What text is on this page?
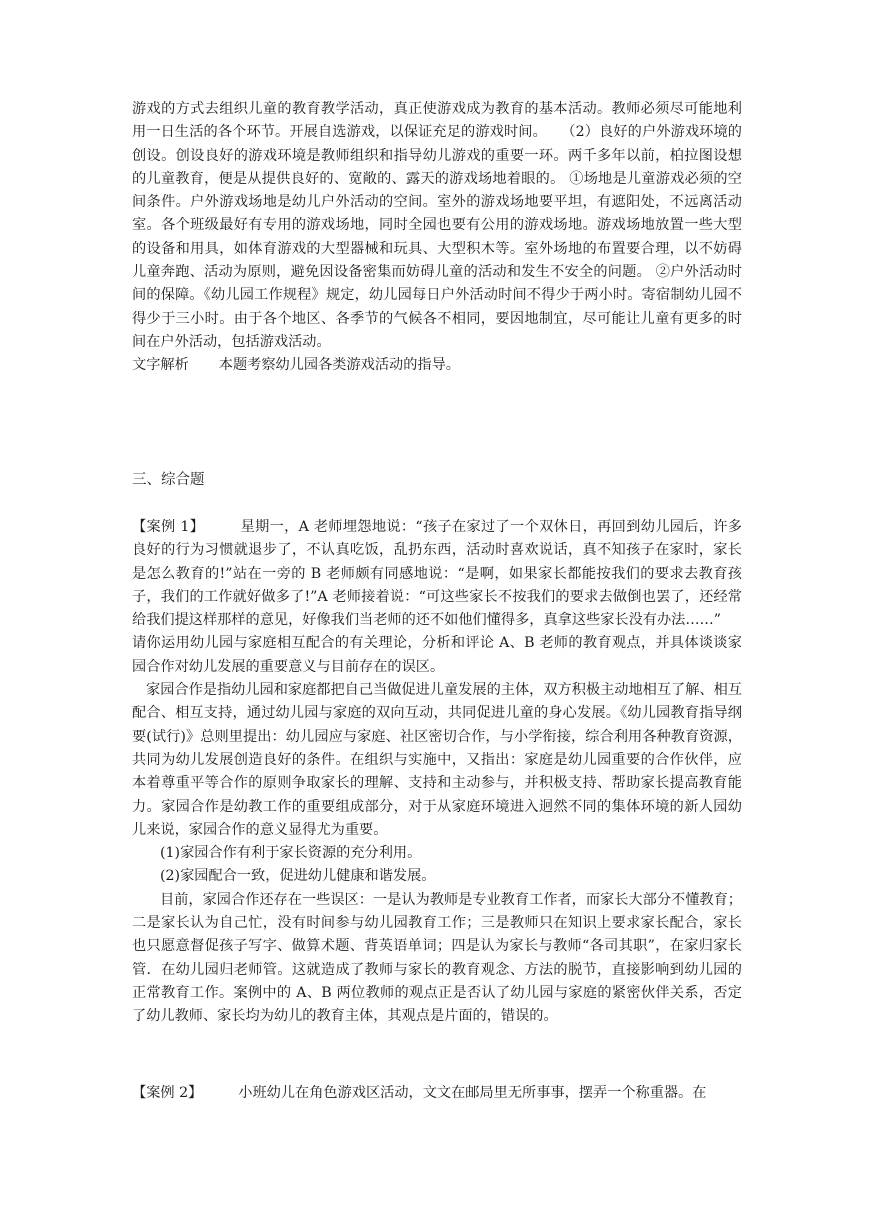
游戏的方式去组织儿童的教育教学活动，真正使游戏成为教育的基本活动。教师必须尽可能地利用一日生活的各个环节。开展自选游戏，以保证充足的游戏时间。　　（2）良好的户外游戏环境的创设。创设良好的游戏环境是教师组织和指导幼儿游戏的重要一环。两千多年以前，柏拉图设想的儿童教育，便是从提供良好的、宽敞的、露天的游戏场地着眼的。 ①场地是儿童游戏必须的空间条件。户外游戏场地是幼儿户外活动的空间。室外的游戏场地要平坦，有遮阳处，不远离活动室。各个班级最好有专用的游戏场地，同时全园也要有公用的游戏场地。游戏场地放置一些大型的设备和用具，如体育游戏的大型器械和玩具、大型积木等。室外场地的布置要合理，以不妨碍儿童奔跑、活动为原则，避免因设备密集而妨碍儿童的活动和发生不安全的问题。 ②户外活动时间的保障。《幼儿园工作规程》规定，幼儿园每日户外活动时间不得少于两小时。寄宿制幼儿园不得少于三小时。由于各个地区、各季节的气候各不相同，要因地制宜，尽可能让儿童有更多的时间在户外活动，包括游戏活动。

文字解析 本题考察幼儿园各类游戏活动的指导。

三、综合题

【案例 1】	星期一，A 老师埋怨地说：“孩子在家过了一个双休日，再回到幼儿园后，许多良好的行为习惯就退步了，不认真吃饭，乱扔东西，活动时喜欢说话，真不知孩子在家时，家长是怎么教育的!”站在一旁的 B 老师颇有同感地说：“是啊，如果家长都能按我们的要求去教育孩子，我们的工作就好做多了!”A 老师接着说：“可这些家长不按我们的要求去做倒也罢了，还经常给我们提这样那样的意见，好像我们当老师的还不如他们懂得多，真拿这些家长没有办法……”

请你运用幼儿园与家庭相互配合的有关理论，分析和评论 A、B 老师的教育观点，并具体谈谈家园合作对幼儿发展的重要意义与目前存在的误区。

家园合作是指幼儿园和家庭都把自己当做促进儿童发展的主体，双方积极主动地相互了解、相互配合、相互支持，通过幼儿园与家庭的双向互动，共同促进儿童的身心发展。《幼儿园教育指导纲要(试行)》总则里提出：幼儿园应与家庭、社区密切合作，与小学衔接，综合利用各种教育资源，共同为幼儿发展创造良好的条件。在组织与实施中，又指出：家庭是幼儿园重要的合作伙伴，应本着尊重平等合作的原则争取家长的理解、支持和主动参与，并积极支持、帮助家长提高教育能力。家园合作是幼教工作的重要组成部分，对于从家庭环境进入迥然不同的集体环境的新人园幼儿来说，家园合作的意义显得尤为重要。

(1)家园合作有利于家长资源的充分利用。

(2)家园配合一致，促进幼儿健康和谐发展。

目前，家园合作还存在一些误区：一是认为教师是专业教育工作者，而家长大部分不懂教育；二是家长认为自己忙，没有时间参与幼儿园教育工作；三是教师只在知识上要求家长配合，家长也只愿意督促孩子写字、做算术题、背英语单词；四是认为家长与教师“各司其职”，在家归家长管．在幼儿园归老师管。这就造成了教师与家长的教育观念、方法的脱节，直接影响到幼儿园的正常教育工作。案例中的 A、B 两位教师的观点正是否认了幼儿园与家庭的紧密伙伴关系，否定了幼儿教师、家长均为幼儿的教育主体，其观点是片面的，错误的。

【案例 2】	小班幼儿在角色游戏区活动，文文在邮局里无所事事，摆弄一个称重器。在
